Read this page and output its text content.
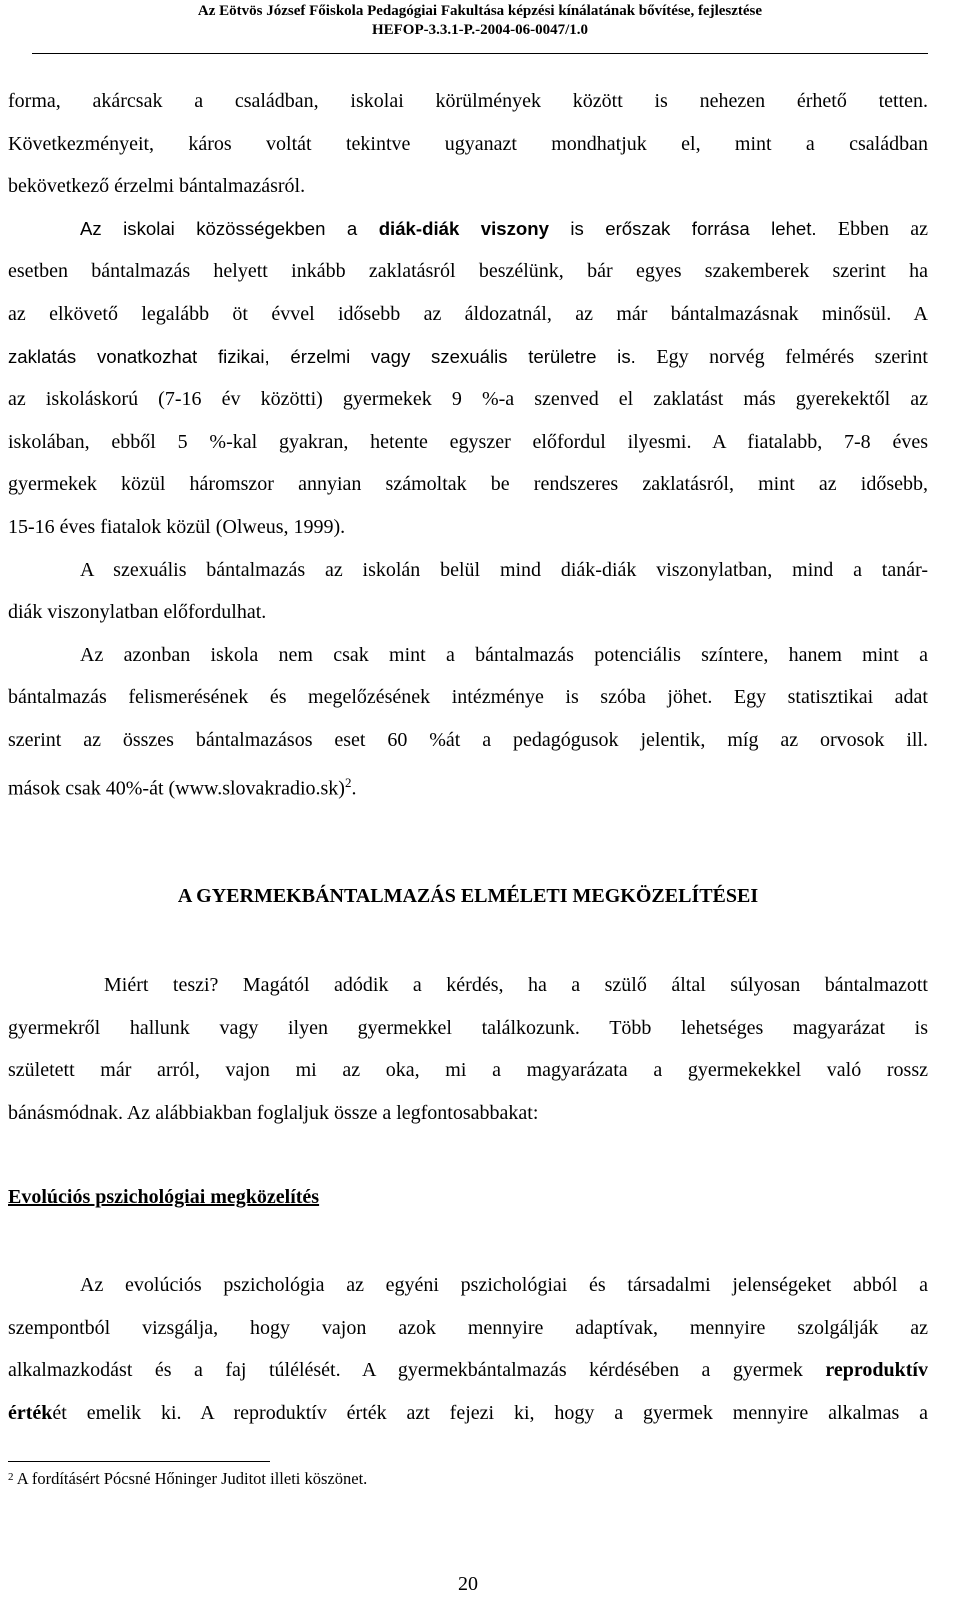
Az Eötvös József Főiskola Pedagógiai Fakultása képzési kínálatának bővítése, fejlesztése
HEFOP-3.3.1-P.-2004-06-0047/1.0

forma, akárcsak a családban, iskolai körülmények között is nehezen érhető tetten.
Következményeit, káros voltát tekintve ugyanazt mondhatjuk el, mint a családban
bekövetkező érzelmi bántalmazásról.

Az iskolai közösségekben a diák-diák viszony is erőszak forrása lehet. Ebben az
esetben bántalmazás helyett inkább zaklatásról beszélünk, bár egyes szakemberek szerint ha
az elkövető legalább öt évvel idősebb az áldozatnál, az már bántalmazásnak minősül. A
zaklatás vonatkozhat fizikai, érzelmi vagy szexuális területre is. Egy norvég felmérés szerint
az iskoláskorú (7-16 év közötti) gyermekek 9 %-a szenved el zaklatást más gyerekektől az
iskolában, ebből 5 %-kal gyakran, hetente egyszer előfordul ilyesmi. A fiatalabb, 7-8 éves
gyermekek közül háromszor annyian számoltak be rendszeres zaklatásról, mint az idősebb,
15-16 éves fiatalok közül (Olweus, 1999).

A szexuális bántalmazás az iskolán belül mind diák-diák viszonylatban, mind a tanár-
diák viszonylatban előfordulhat.

Az azonban iskola nem csak mint a bántalmazás potenciális színtere, hanem mint a
bántalmazás felismerésének és megelőzésének intézménye is szóba jöhet. Egy statisztikai adat
szerint az összes bántalmazásos eset 60 %át a pedagógusok jelentik, míg az orvosok ill.
mások csak 40%-át (www.slovakradio.sk)$^2$.

A GYERMEKBÁNTALMAZÁS ELMÉLETI MEGKÖZELÍTÉSEI
Miért teszi? Magától adódik a kérdés, ha a szülő által súlyosan bántalmazott
gyermekről hallunk vagy ilyen gyermekkel találkozunk. Több lehetséges magyarázat is
született már arról, vajon mi az oka, mi a magyarázata a gyermekekkel való rossz
bánásmódnak. Az alábbiakban foglaljuk össze a legfontosabbakat:
Evolúciós pszichológiai megközelítés
Az evolúciós pszichológia az egyéni pszichológiai és társadalmi jelenségeket abból a
szempontból vizsgálja, hogy vajon azok mennyire adaptívak, mennyire szolgálják az
alkalmazkodást és a faj túlélését. A gyermekbántalmazás kérdésében a gyermek reproduktív
értékét emelik ki. A reproduktív érték azt fejezi ki, hogy a gyermek mennyire alkalmas a
$^2$ A fordításért Pócsné Hőninger Juditot illeti köszönet.
20
